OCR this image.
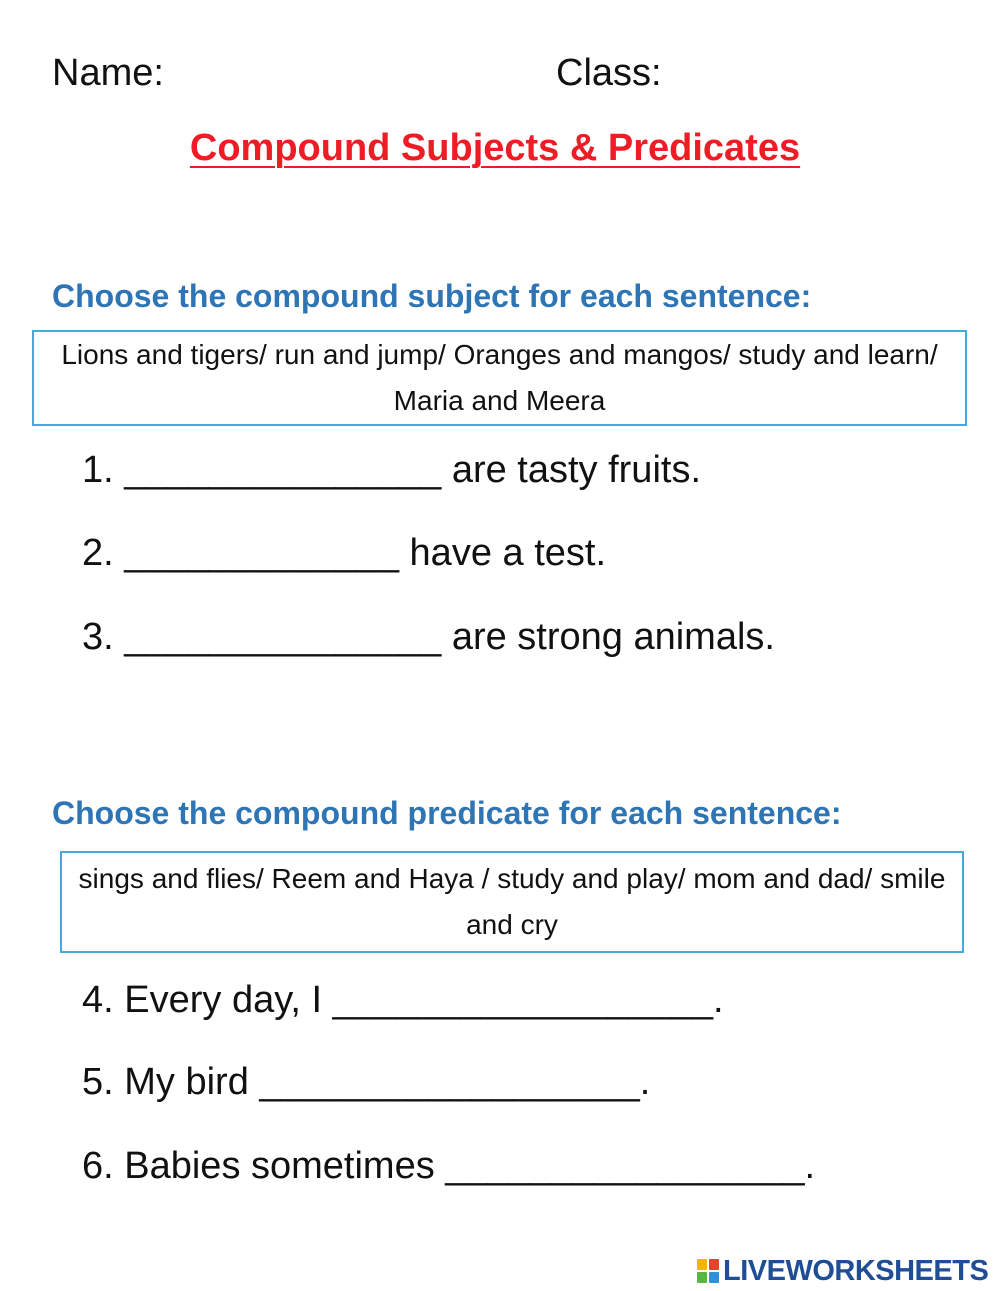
Name:	Class:
Compound Subjects & Predicates
Choose the compound subject for each sentence:
Lions and tigers/ run and jump/ Oranges and mangos/ study and learn/ Maria and Meera
1. _______________ are tasty fruits.
2. _____________ have a test.
3. _______________ are strong animals.
Choose the compound predicate for each sentence:
sings and flies/ Reem and Haya / study and play/ mom and dad/ smile and cry
4. Every day, I __________________.
5. My bird __________________.
6. Babies sometimes _________________.
LIVEWORKSHEETS
